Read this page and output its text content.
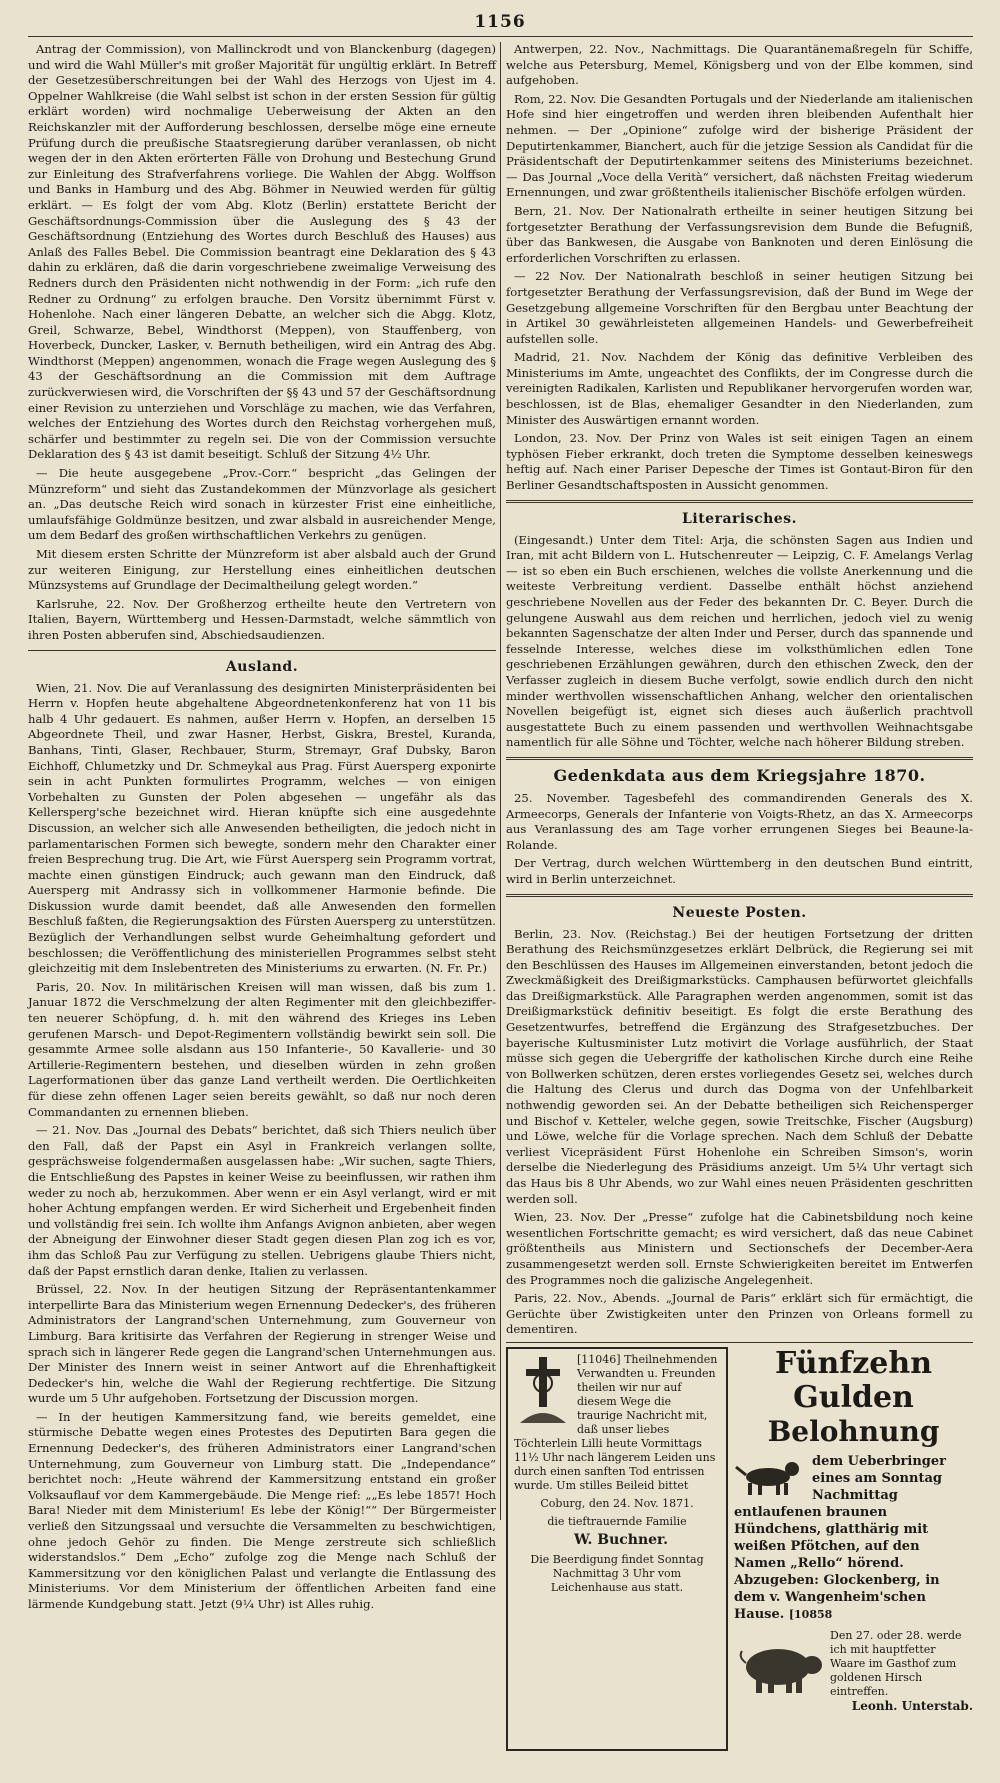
1156

Antrag der Commission), von Mallinckrodt und von Blanckenburg (dagegen) und wird die Wahl Müller's mit großer Majorität für ungültig erklärt. In Betreff der Gesetzesüberschreitungen bei der Wahl des Herzogs von Ujest im 4. Oppelner Wahlkreise (die Wahl selbst ist schon in der ersten Session für gültig erklärt worden) wird nochmalige Ueberweisung der Akten an den Reichskanzler mit der Aufforderung beschlossen, derselbe möge eine erneute Prüfung durch die preußische Staatsregierung darüber veranlassen, ob nicht wegen der in den Akten erörterten Fälle von Drohung und Bestechung Grund zur Einleitung des Strafverfahrens vorliege. Die Wahlen der Abgg. Wolffson und Banks in Hamburg und des Abg. Böhmer in Neuwied werden für gültig erklärt. — Es folgt der vom Abg. Klotz (Berlin) erstattete Bericht der Geschäftsordnungs-Commission über die Auslegung des § 43 der Geschäftsordnung (Entziehung des Wortes durch Beschluß des Hauses) aus Anlaß des Falles Bebel. Die Commission beantragt eine Deklaration des § 43 dahin zu erklären, daß die darin vorgeschriebene zweimalige Verweisung des Redners durch den Präsidenten nicht nothwendig in der Form: „ich rufe den Redner zu Ordnung“ zu erfolgen brauche. Den Vorsitz übernimmt Fürst v. Hohenlohe. Nach einer längeren Debatte, an welcher sich die Abgg. Klotz, Greil, Schwarze, Bebel, Windthorst (Meppen), von Stauffenberg, von Hoverbeck, Duncker, Lasker, v. Bernuth betheiligen, wird ein Antrag des Abg. Windthorst (Meppen) angenommen, wonach die Frage wegen Auslegung des § 43 der Geschäftsordnung an die Commission mit dem Auftrage zurückverwiesen wird, die Vorschriften der §§ 43 und 57 der Geschäftsordnung einer Revision zu unterziehen und Vorschläge zu machen, wie das Verfahren, welches der Entziehung des Wortes durch den Reichstag vorhergehen muß, schärfer und bestimmter zu regeln sei. Die von der Commission versuchte Deklaration des § 43 ist damit beseitigt. Schluß der Sitzung 4½ Uhr.

— Die heute ausgegebene „Prov.-Corr.“ bespricht „das Gelingen der Münzreform“ und sieht das Zustandekommen der Münzvorlage als gesichert an. „Das deutsche Reich wird sonach in kürzester Frist eine einheitliche, umlaufsfähige Goldmünze besitzen, und zwar alsbald in ausreichender Menge, um dem Bedarf des großen wirthschaftlichen Verkehrs zu genügen.

Mit diesem ersten Schritte der Münzreform ist aber alsbald auch der Grund zur weiteren Einigung, zur Herstellung eines einheitlichen deutschen Münzsystems auf Grundlage der Decimaltheilung gelegt worden.“

Karlsruhe, 22. Nov. Der Großherzog ertheilte heute den Vertretern von Italien, Bayern, Württemberg und Hessen-Darmstadt, welche sämmtlich von ihren Posten abberufen sind, Abschiedsaudienzen.

Ausland.

Wien, 21. Nov. Die auf Veranlassung des designirten Ministerpräsidenten bei Herrn v. Hopfen heute abgehaltene Abgeordnetenkonferenz hat von 11 bis halb 4 Uhr gedauert. Es nahmen, außer Herrn v. Hopfen, an derselben 15 Abgeordnete Theil, und zwar Hasner, Herbst, Giskra, Brestel, Kuranda, Banhans, Tinti, Glaser, Rechbauer, Sturm, Stremayr, Graf Dubsky, Baron Eichhoff, Chlumetzky und Dr. Schmeykal aus Prag. Fürst Auersperg exponirte sein in acht Punkten formulirtes Programm, welches — von einigen Vorbehalten zu Gunsten der Polen abgesehen — ungefähr als das Kellersperg'sche bezeichnet wird. Hieran knüpfte sich eine ausgedehnte Discussion, an welcher sich alle Anwesenden betheiligten, die jedoch nicht in parlamentarischen Formen sich bewegte, sondern mehr den Charakter einer freien Besprechung trug. Die Art, wie Fürst Auersperg sein Programm vortrat, machte einen günstigen Eindruck; auch gewann man den Eindruck, daß Auersperg mit Andrassy sich in vollkommener Harmonie befinde. Die Diskussion wurde damit beendet, daß alle Anwesenden den formellen Beschluß faßten, die Regierungsaktion des Fürsten Auersperg zu unterstützen. Bezüglich der Verhandlungen selbst wurde Geheimhaltung gefordert und beschlossen; die Veröffentlichung des ministeriellen Programmes selbst steht gleichzeitig mit dem Inslebentreten des Ministeriums zu erwarten. (N. Fr. Pr.)

Paris, 20. Nov. In militärischen Kreisen will man wissen, daß bis zum 1. Januar 1872 die Verschmelzung der alten Regimenter mit den gleichbezifferten neuerer Schöpfung, d. h. mit den während des Krieges ins Leben gerufenen Marsch- und Depot-Regimentern vollständig bewirkt sein soll. Die gesammte Armee solle alsdann aus 150 Infanterie-, 50 Kavallerie- und 30 Artillerie-Regimentern bestehen, und dieselben würden in zehn großen Lagerformationen über das ganze Land vertheilt werden. Die Oertlichkeiten für diese zehn offenen Lager seien bereits gewählt, so daß nur noch deren Commandanten zu ernennen blieben.

— 21. Nov. Das „Journal des Debats“ berichtet, daß sich Thiers neulich über den Fall, daß der Papst ein Asyl in Frankreich verlangen sollte, gesprächsweise folgendermaßen ausgelassen habe: „Wir suchen, sagte Thiers, die Entschließung des Papstes in keiner Weise zu beeinflussen, wir rathen ihm weder zu noch ab, herzukommen. Aber wenn er ein Asyl verlangt, wird er mit hoher Achtung empfangen werden. Er wird Sicherheit und Ergebenheit finden und vollständig frei sein. Ich wollte ihm Anfangs Avignon anbieten, aber wegen der Abneigung der Einwohner dieser Stadt gegen diesen Plan zog ich es vor, ihm das Schloß Pau zur Verfügung zu stellen. Uebrigens glaube Thiers nicht, daß der Papst ernstlich daran denke, Italien zu verlassen.

Brüssel, 22. Nov. In der heutigen Sitzung der Repräsentantenkammer interpellirte Bara das Ministerium wegen Ernennung Dedecker's, des früheren Administrators der Langrand'schen Unternehmung, zum Gouverneur von Limburg. Bara kritisirte das Verfahren der Regierung in strenger Weise und sprach sich in längerer Rede gegen die Langrand'schen Unternehmungen aus. Der Minister des Innern weist in seiner Antwort auf die Ehrenhaftigkeit Dedecker's hin, welche die Wahl der Regierung rechtfertige. Die Sitzung wurde um 5 Uhr aufgehoben. Fortsetzung der Discussion morgen.

— In der heutigen Kammersitzung fand, wie bereits gemeldet, eine stürmische Debatte wegen eines Protestes des Deputirten Bara gegen die Ernennung Dedecker's, des früheren Administrators einer Langrand'schen Unternehmung, zum Gouverneur von Limburg statt. Die „Independance“ berichtet noch: „Heute während der Kammersitzung entstand ein großer Volksauflauf vor dem Kammergebäude. Die Menge rief: „„Es lebe 1857! Hoch Bara! Nieder mit dem Ministerium! Es lebe der König!““ Der Bürgermeister verließ den Sitzungssaal und versuchte die Versammelten zu beschwichtigen, ohne jedoch Gehör zu finden. Die Menge zerstreute sich schließlich widerstandslos.“ Dem „Echo“ zufolge zog die Menge nach Schluß der Kammersitzung vor den königlichen Palast und verlangte die Entlassung des Ministeriums. Vor dem Ministerium der öffentlichen Arbeiten fand eine lärmende Kundgebung statt. Jetzt (9¼ Uhr) ist Alles ruhig.

Antwerpen, 22. Nov., Nachmittags. Die Quarantänemaßregeln für Schiffe, welche aus Petersburg, Memel, Königsberg und von der Elbe kommen, sind aufgehoben.

Rom, 22. Nov. Die Gesandten Portugals und der Niederlande am italienischen Hofe sind hier eingetroffen und werden ihren bleibenden Aufenthalt hier nehmen. — Der „Opinione“ zufolge wird der bisherige Präsident der Deputirtenkammer, Bianchert, auch für die jetzige Session als Candidat für die Präsidentschaft der Deputirtenkammer seitens des Ministeriums bezeichnet. — Das Journal „Voce della Verità“ versichert, daß nächsten Freitag wiederum Ernennungen, und zwar größtentheils italienischer Bischöfe erfolgen würden.

Bern, 21. Nov. Der Nationalrath ertheilte in seiner heutigen Sitzung bei fortgesetzter Berathung der Verfassungsrevision dem Bunde die Befugniß, über das Bankwesen, die Ausgabe von Banknoten und deren Einlösung die erforderlichen Vorschriften zu erlassen.

— 22 Nov. Der Nationalrath beschloß in seiner heutigen Sitzung bei fortgesetzter Berathung der Verfassungsrevision, daß der Bund im Wege der Gesetzgebung allgemeine Vorschriften für den Bergbau unter Beachtung der in Artikel 30 gewährleisteten allgemeinen Handels- und Gewerbefreiheit aufstellen solle.

Madrid, 21. Nov. Nachdem der König das definitive Verbleiben des Ministeriums im Amte, ungeachtet des Conflikts, der im Congresse durch die vereinigten Radikalen, Karlisten und Republikaner hervorgerufen worden war, beschlossen, ist de Blas, ehemaliger Gesandter in den Niederlanden, zum Minister des Auswärtigen ernannt worden.

London, 23. Nov. Der Prinz von Wales ist seit einigen Tagen an einem typhösen Fieber erkrankt, doch treten die Symptome desselben keineswegs heftig auf. Nach einer Pariser Depesche der Times ist Gontaut-Biron für den Berliner Gesandtschaftsposten in Aussicht genommen.

Literarisches.

(Eingesandt.) Unter dem Titel: Arja, die schönsten Sagen aus Indien und Iran, mit acht Bildern von L. Hutschenreuter — Leipzig, C. F. Amelangs Verlag — ist so eben ein Buch erschienen, welches die vollste Anerkennung und die weiteste Verbreitung verdient. Dasselbe enthält höchst anziehend geschriebene Novellen aus der Feder des bekannten Dr. C. Beyer. Durch die gelungene Auswahl aus dem reichen und herrlichen, jedoch viel zu wenig bekannten Sagenschatze der alten Inder und Perser, durch das spannende und fesselnde Interesse, welches diese im volksthümlichen edlen Tone geschriebenen Erzählungen gewähren, durch den ethischen Zweck, den der Verfasser zugleich in diesem Buche verfolgt, sowie endlich durch den nicht minder werthvollen wissenschaftlichen Anhang, welcher den orientalischen Novellen beigefügt ist, eignet sich dieses auch äußerlich prachtvoll ausgestattete Buch zu einem passenden und werthvollen Weihnachtsgabe namentlich für alle Söhne und Töchter, welche nach höherer Bildung streben.

Gedenkdata aus dem Kriegsjahre 1870.

25. November. Tagesbefehl des commandirenden Generals des X. Armeecorps, Generals der Infanterie von Voigts-Rhetz, an das X. Armeecorps aus Veranlassung des am Tage vorher errungenen Sieges bei Beaune-la-Rolande.

Der Vertrag, durch welchen Württemberg in den deutschen Bund eintritt, wird in Berlin unterzeichnet.

Neueste Posten.

Berlin, 23. Nov. (Reichstag.) Bei der heutigen Fortsetzung der dritten Berathung des Reichsmünzgesetzes erklärt Delbrück, die Regierung sei mit den Beschlüssen des Hauses im Allgemeinen einverstanden, betont jedoch die Zweckmäßigkeit des Dreißigmarkstücks. Camphausen befürwortet gleichfalls das Dreißigmarkstück. Alle Paragraphen werden angenommen, somit ist das Dreißigmarkstück definitiv beseitigt. Es folgt die erste Berathung des Gesetzentwurfes, betreffend die Ergänzung des Strafgesetzbuches. Der bayerische Kultusminister Lutz motivirt die Vorlage ausführlich, der Staat müsse sich gegen die Uebergriffe der katholischen Kirche durch eine Reihe von Bollwerken schützen, deren erstes vorliegendes Gesetz sei, welches durch die Haltung des Clerus und durch das Dogma von der Unfehlbarkeit nothwendig geworden sei. An der Debatte betheiligen sich Reichensperger und Bischof v. Ketteler, welche gegen, sowie Treitschke, Fischer (Augsburg) und Löwe, welche für die Vorlage sprechen. Nach dem Schluß der Debatte verliest Vicepräsident Fürst Hohenlohe ein Schreiben Simson's, worin derselbe die Niederlegung des Präsidiums anzeigt. Um 5¼ Uhr vertagt sich das Haus bis 8 Uhr Abends, wo zur Wahl eines neuen Präsidenten geschritten werden soll.

Wien, 23. Nov. Der „Presse“ zufolge hat die Cabinetsbildung noch keine wesentlichen Fortschritte gemacht; es wird versichert, daß das neue Cabinet größtentheils aus Ministern und Sectionschefs der December-Aera zusammengesetzt werden soll. Ernste Schwierigkeiten bereitet im Entwerfen des Programmes noch die galizische Angelegenheit.

Paris, 22. Nov., Abends. „Journal de Paris“ erklärt sich für ermächtigt, die Gerüchte über Zwistigkeiten unter den Prinzen von Orleans formell zu dementiren.

[11046] Theilnehmenden Verwandten u. Freunden theilen wir nur auf diesem Wege die traurige Nachricht mit, daß unser liebes Töchterlein Lilli heute Vormittags 11½ Uhr nach längerem Leiden uns durch einen sanften Tod entrissen wurde. Um stilles Beileid bittet

Coburg, den 24. Nov. 1871.

die tieftrauernde Familie

W. Buchner.

Die Beerdigung findet Sonntag Nachmittag 3 Uhr vom Leichenhause aus statt.

Fünfzehn Gulden
Belohnung
dem Ueberbringer eines am Sonntag Nachmittag entlaufenen braunen Hündchens, glatthärig mit weißen Pfötchen, auf den Namen „Rello“ hörend. Abzugeben: Glockenberg, in dem v. Wangenheim'schen Hause. [10858
Den 27. oder 28. werde ich mit hauptfetter Waare im Gasthof zum goldenen Hirsch eintreffen.
Leonh. Unterstab.
